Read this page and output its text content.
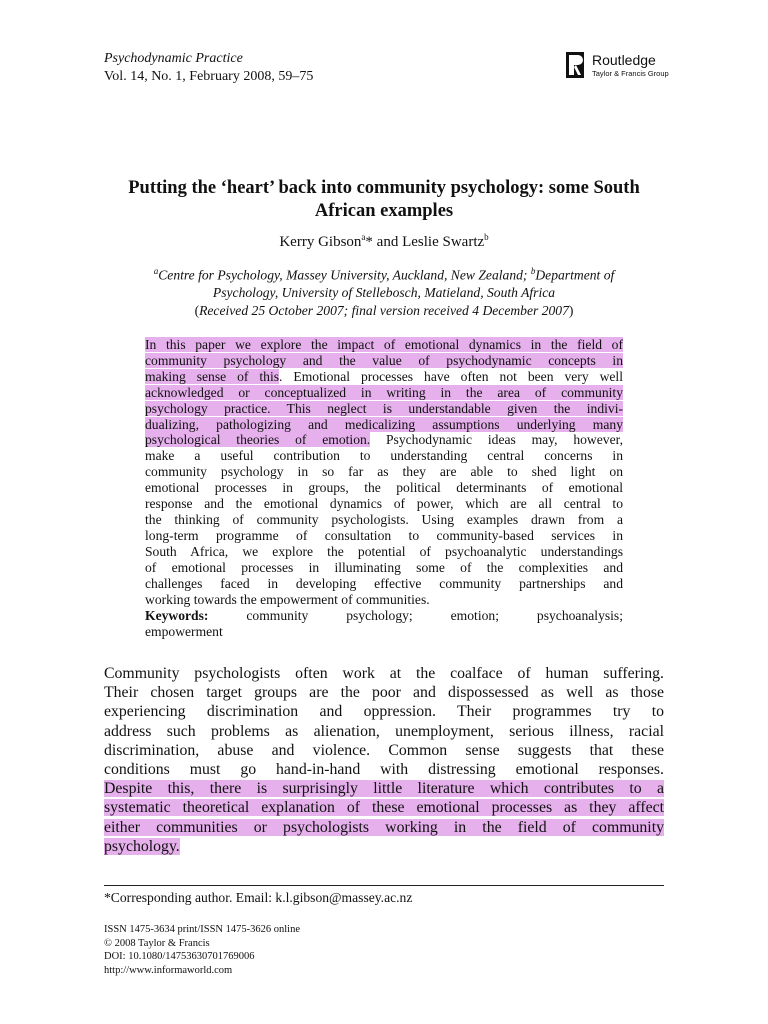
Psychodynamic Practice
Vol. 14, No. 1, February 2008, 59–75
Routledge
Taylor & Francis Group
Putting the ‘heart’ back into community psychology: some South
African examples
Kerry Gibson$^a$* and Leslie Swartz$^b$
$^a$Centre for Psychology, Massey University, Auckland, New Zealand; $^b$Department of
Psychology, University of Stellebosch, Matieland, South Africa
(Received 25 October 2007; final version received 4 December 2007)
In this paper we explore the impact of emotional dynamics in the field of
community psychology and the value of psychodynamic concepts in
making sense of this. Emotional processes have often not been very well
acknowledged or conceptualized in writing in the area of community
psychology practice. This neglect is understandable given the indivi-
dualizing, pathologizing and medicalizing assumptions underlying many
psychological theories of emotion. Psychodynamic ideas may, however,
make a useful contribution to understanding central concerns in
community psychology in so far as they are able to shed light on
emotional processes in groups, the political determinants of emotional
response and the emotional dynamics of power, which are all central to
the thinking of community psychologists. Using examples drawn from a
long-term programme of consultation to community-based services in
South Africa, we explore the potential of psychoanalytic understandings
of emotional processes in illuminating some of the complexities and
challenges faced in developing effective community partnerships and
working towards the empowerment of communities.
Keywords:	community psychology; emotion; psychoanalysis;
empowerment
Community psychologists often work at the coalface of human suffering.
Their chosen target groups are the poor and dispossessed as well as those
experiencing discrimination and oppression. Their programmes try to
address such problems as alienation, unemployment, serious illness, racial
discrimination, abuse and violence. Common sense suggests that these
conditions must go hand-in-hand with distressing emotional responses.
Despite this, there is surprisingly little literature which contributes to a
systematic theoretical explanation of these emotional processes as they affect
either communities or psychologists working in the field of community
psychology.
*Corresponding author. Email: k.l.gibson@massey.ac.nz
ISSN 1475-3634 print/ISSN 1475-3626 online
© 2008 Taylor & Francis
DOI: 10.1080/14753630701769006
http://www.informaworld.com
